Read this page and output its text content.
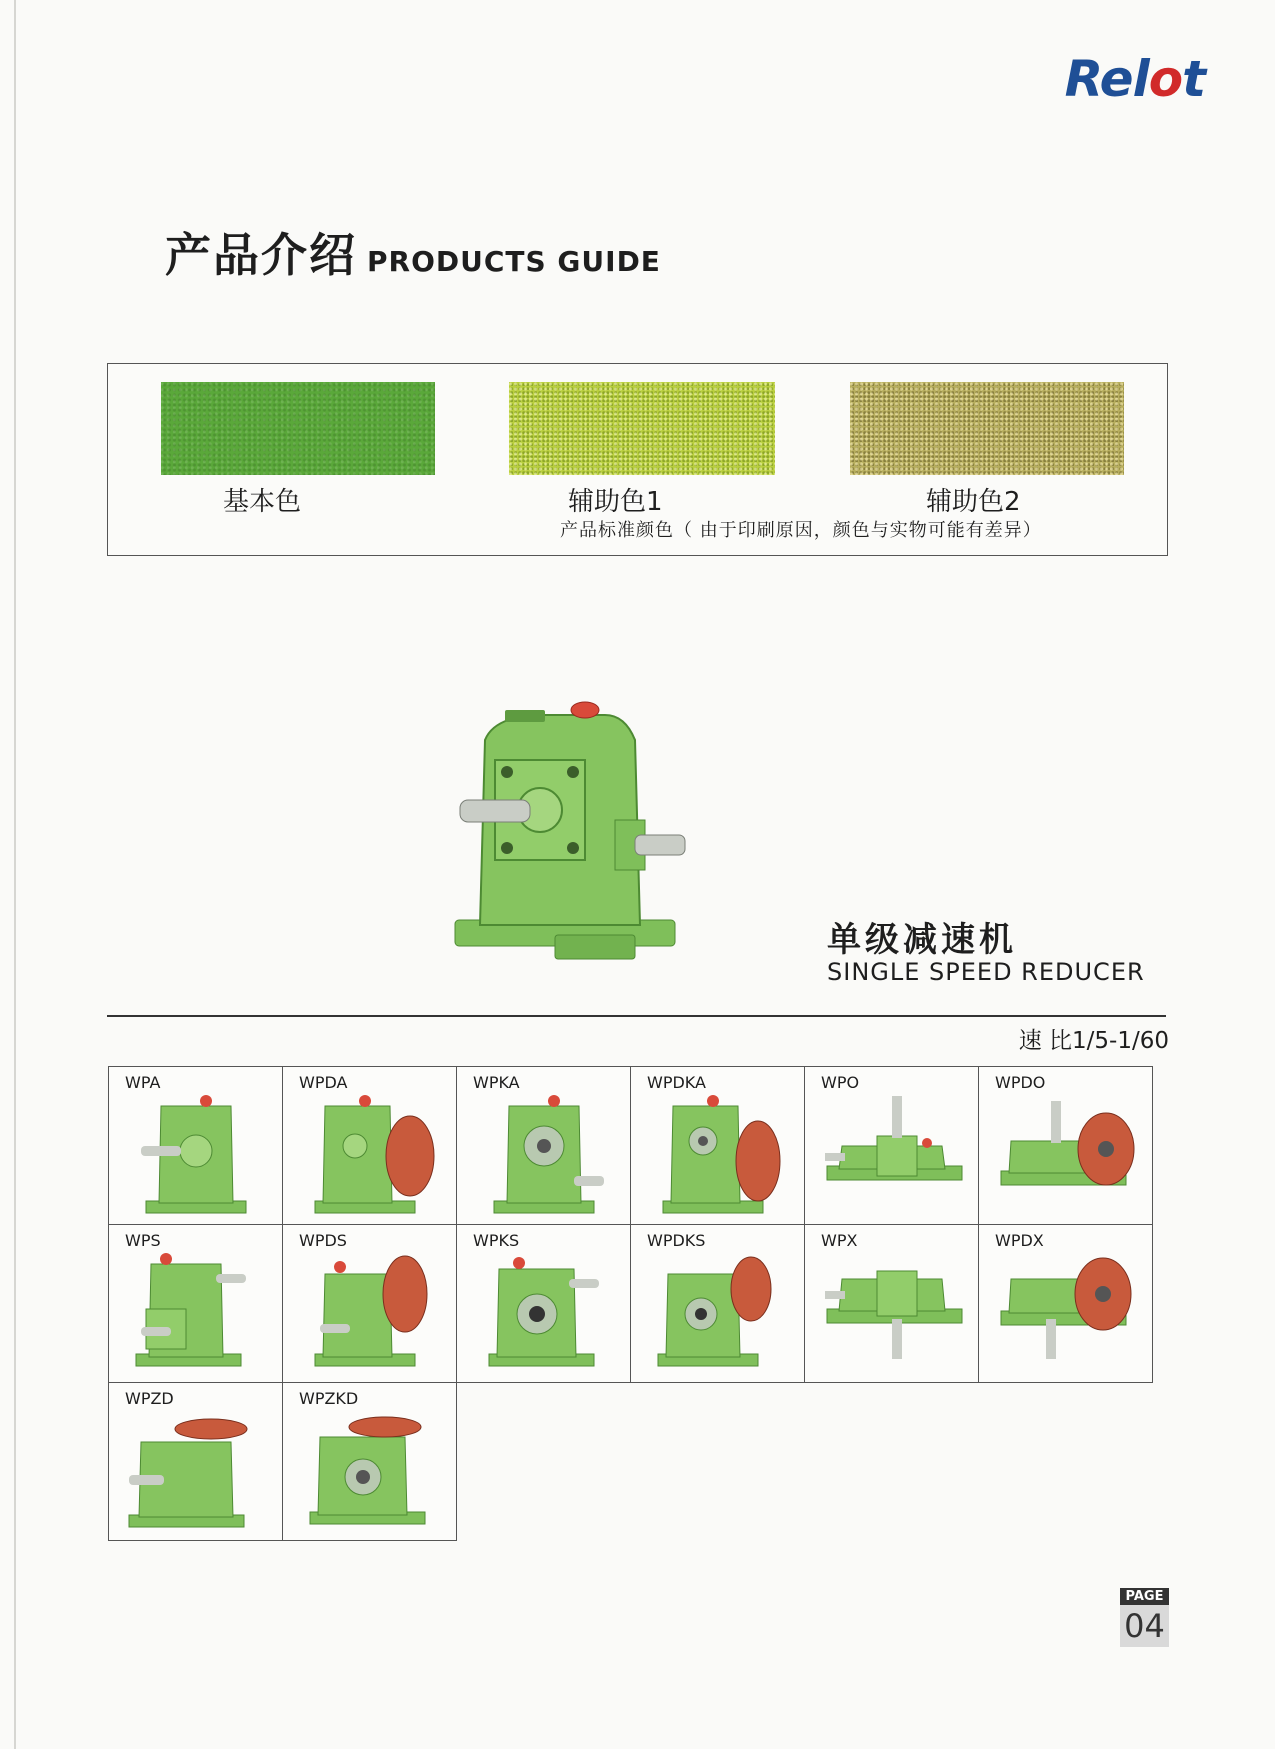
Relot
产品介绍 PRODUCTS GUIDE
基本色	辅助色1	辅助色2
产品标准颜色（ 由于印刷原因，颜色与实物可能有差异）
单级减速机
SINGLE SPEED REDUCER
速 比1/5-1/60
WPA	WPDA	WPKA	WPDKA	WPO	WPDO
WPS	WPDS	WPKS	WPDKS	WPX	WPDX
WPZD	WPZKD
PAGE
04
